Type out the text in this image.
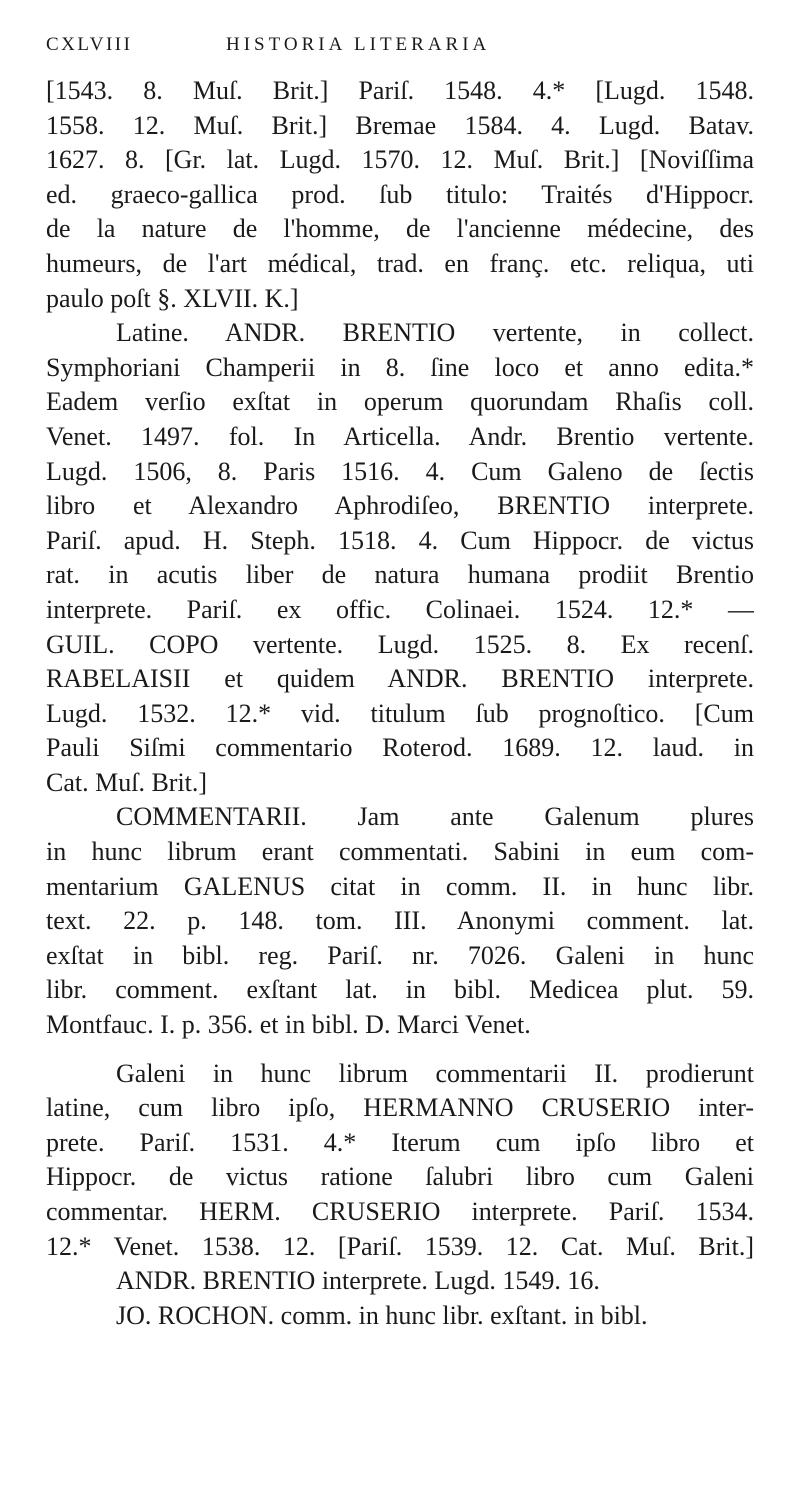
CXLVIII	HISTORIA LITERARIA
[1543. 8. Muſ. Brit.] Pariſ. 1548. 4.* [Lugd. 1548.
1558. 12. Muſ. Brit.] Bremae 1584. 4. Lugd. Batav.
1627. 8. [Gr. lat. Lugd. 1570. 12. Muſ. Brit.] [Noviſſima
ed. graeco-gallica prod. ſub titulo: Traités d'Hippocr.
de la nature de l'homme, de l'ancienne médecine, des
humeurs, de l'art médical, trad. en franç. etc. reliqua, uti
paulo poſt §. XLVII. K.]
Latine. ANDR. BRENTIO vertente, in collect.
Symphoriani Champerii in 8. ſine loco et anno edita.*
Eadem verſio exſtat in operum quorundam Rhaſis coll.
Venet. 1497. fol. In Articella. Andr. Brentio vertente.
Lugd. 1506, 8. Paris 1516. 4. Cum Galeno de ſectis
libro et Alexandro Aphrodiſeo, BRENTIO interprete.
Pariſ. apud. H. Steph. 1518. 4. Cum Hippocr. de victus
rat. in acutis liber de natura humana prodiit Brentio
interprete. Pariſ. ex offic. Colinaei. 1524. 12.* —
GUIL. COPO vertente. Lugd. 1525. 8. Ex recenſ.
RABELAISII et quidem ANDR. BRENTIO interprete.
Lugd. 1532. 12.* vid. titulum ſub prognoſtico. [Cum
Pauli Siſmi commentario Roterod. 1689. 12. laud. in
Cat. Muſ. Brit.]
COMMENTARII. Jam ante Galenum plures
in hunc librum erant commentati. Sabini in eum com-
mentarium GALENUS citat in comm. II. in hunc libr.
text. 22. p. 148. tom. III. Anonymi comment. lat.
exſtat in bibl. reg. Pariſ. nr. 7026. Galeni in hunc
libr. comment. exſtant lat. in bibl. Medicea plut. 59.
Montfauc. I. p. 356. et in bibl. D. Marci Venet.
Galeni in hunc librum commentarii II. prodierunt
latine, cum libro ipſo, HERMANNO CRUSERIO inter-
prete. Pariſ. 1531. 4.* Iterum cum ipſo libro et
Hippocr. de victus ratione ſalubri libro cum Galeni
commentar. HERM. CRUSERIO interprete. Pariſ. 1534.
12.* Venet. 1538. 12. [Pariſ. 1539. 12. Cat. Muſ. Brit.]
ANDR. BRENTIO interprete. Lugd. 1549. 16.
JO. ROCHON. comm. in hunc libr. exſtant. in bibl.
